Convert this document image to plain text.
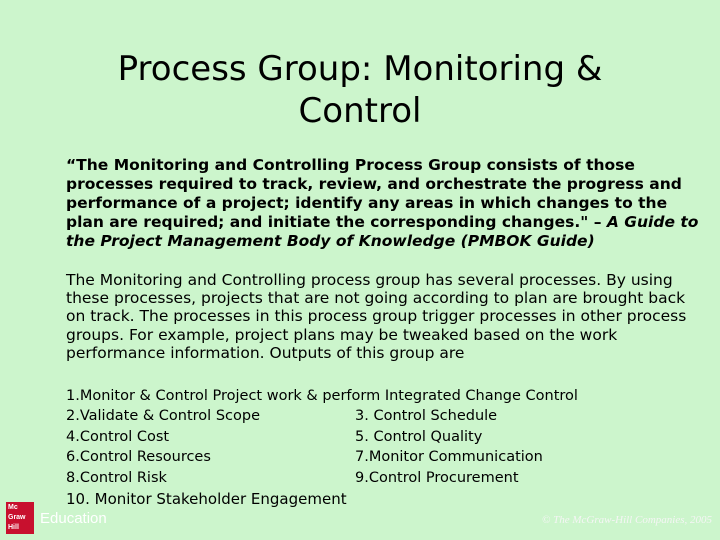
Process Group: Monitoring & Control
“The Monitoring and Controlling Process Group consists of those processes required to track, review, and orchestrate the progress and performance of a project; identify any areas in which changes to the plan are required; and initiate the corresponding changes." – A Guide to the Project Management Body of Knowledge (PMBOK Guide)
The Monitoring and Controlling process group has several processes. By using these processes, projects that are not going according to plan are brought back on track. The processes in this process group trigger processes in other process groups. For example, project plans may be tweaked based on the work performance information. Outputs of this group are
1.Monitor & Control Project work & perform Integrated Change Control
2.Validate & Control Scope	3. Control Schedule
4.Control Cost	5. Control Quality
6.Control Resources	7.Monitor Communication
8.Control Risk	9.Control Procurement
10. Monitor Stakeholder Engagement
Mc
Graw
Hill
Education	© The McGraw-Hill Companies, 2005
